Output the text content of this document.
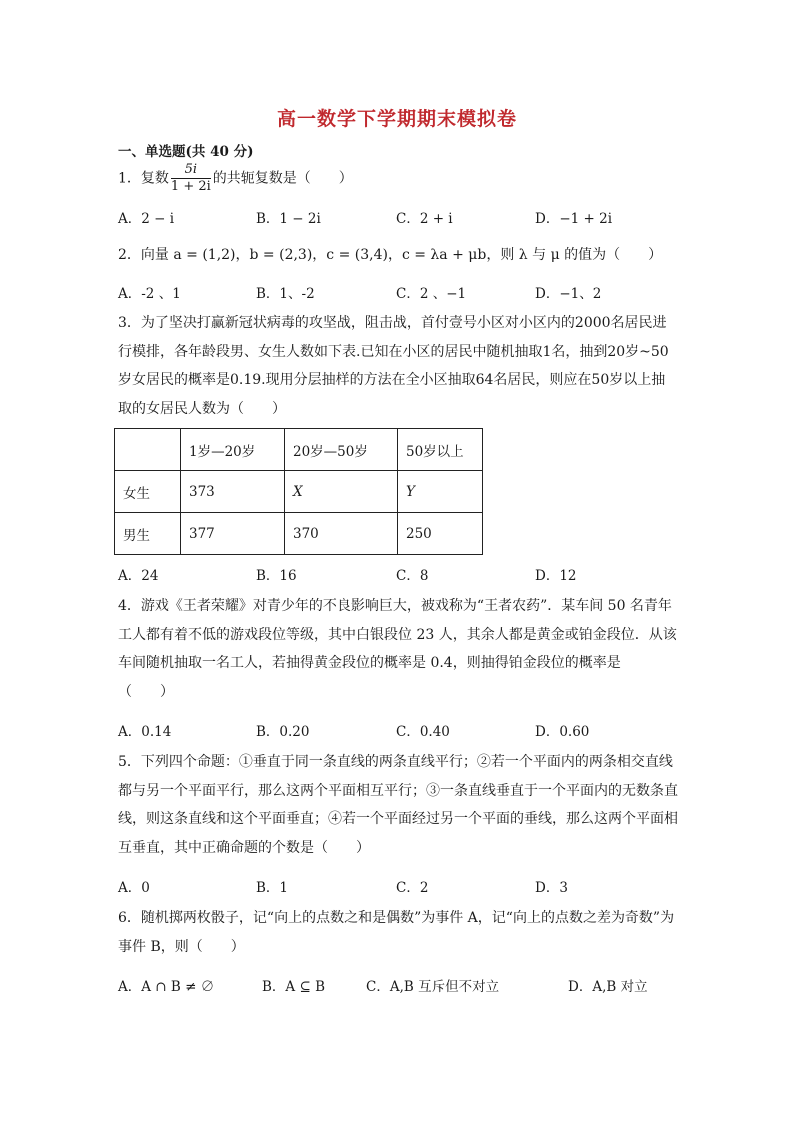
高一数学下学期期末模拟卷
一、单选题(共 40 分)
1．复数 $\frac{5i}{1 + 2i}$ 的共轭复数是（　　）
A．2 − i	B．1 − 2i	C．2 + i	D．−1 + 2i
2．向量 a = (1,2)，b = (2,3)，c = (3,4)，c = λa + μb，则 λ 与 μ 的值为（　　）
A．-2 、1	B．1、-2	C．2 、−1	D．−1、2
3．为了坚决打赢新冠状病毒的攻坚战，阻击战，首付壹号小区对小区内的2000名居民进行模排，各年龄段男、女生人数如下表.已知在小区的居民中随机抽取1名，抽到20岁~50岁女居民的概率是0.19.现用分层抽样的方法在全小区抽取64名居民，则应在50岁以上抽取的女居民人数为（　　）
	1岁—20岁	20岁—50岁	50岁以上
女生	373	X	Y
男生	377	370	250
A．24	B．16	C．8	D．12
4．游戏《王者荣耀》对青少年的不良影响巨大，被戏称为“王者农药”．某车间 50 名青年工人都有着不低的游戏段位等级，其中白银段位 23 人，其余人都是黄金或铂金段位．从该车间随机抽取一名工人，若抽得黄金段位的概率是 0.4，则抽得铂金段位的概率是
（　　）
A．0.14	B．0.20	C．0.40	D．0.60
5．下列四个命题：①垂直于同一条直线的两条直线平行；②若一个平面内的两条相交直线都与另一个平面平行，那么这两个平面相互平行；③一条直线垂直于一个平面内的无数条直线，则这条直线和这个平面垂直；④若一个平面经过另一个平面的垂线，那么这两个平面相互垂直，其中正确命题的个数是（　　）
A．0	B．1	C．2	D．3
6．随机掷两枚骰子，记“向上的点数之和是偶数”为事件 A，记“向上的点数之差为奇数”为事件 B，则（　　）
A．A ∩ B ≠ ∅	B．A ⊆ B	C．A,B 互斥但不对立	D．A,B 对立
